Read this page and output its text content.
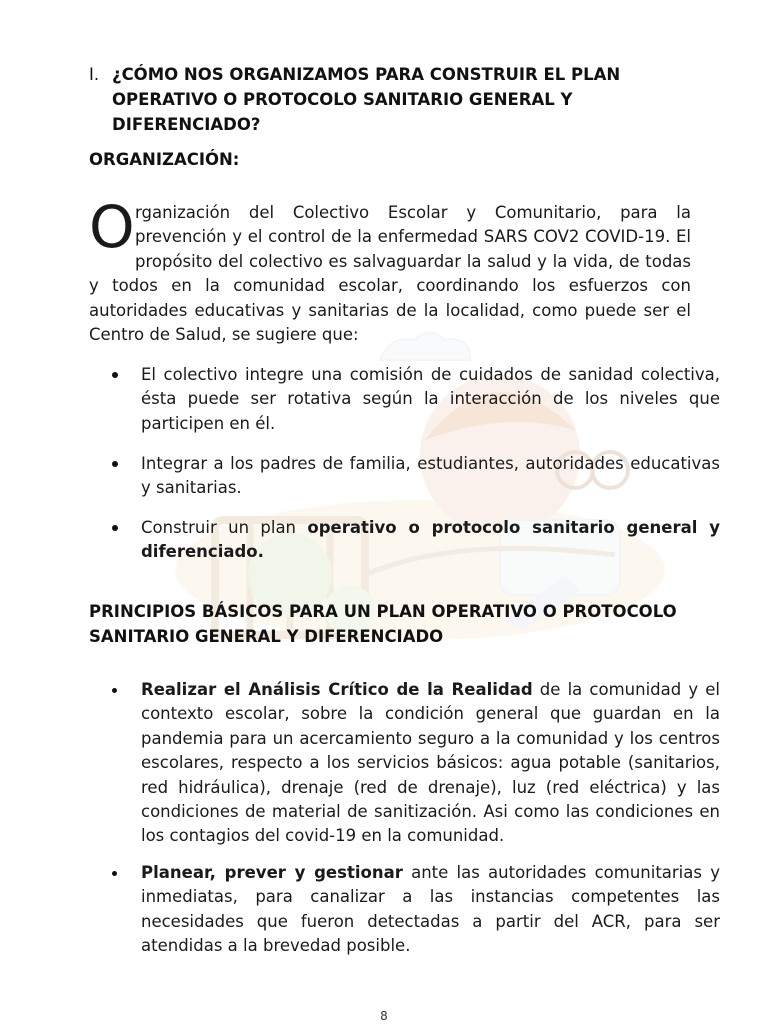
I. ¿CÓMO NOS ORGANIZAMOS PARA CONSTRUIR EL PLAN OPERATIVO O PROTOCOLO SANITARIO GENERAL Y DIFERENCIADO?
ORGANIZACIÓN:
O rganización del Colectivo Escolar y Comunitario, para la prevención y el control de la enfermedad SARS COV2 COVID-19. El propósito del colectivo es salvaguardar la salud y la vida, de todas y todos en la comunidad escolar, coordinando los esfuerzos con autoridades educativas y sanitarias de la localidad, como puede ser el Centro de Salud, se sugiere que:
El colectivo integre una comisión de cuidados de sanidad colectiva, ésta puede ser rotativa según la interacción de los niveles que participen en él.
Integrar a los padres de familia, estudiantes, autoridades educativas y sanitarias.
Construir un plan operativo o protocolo sanitario general y diferenciado.
PRINCIPIOS BÁSICOS PARA UN PLAN OPERATIVO O PROTOCOLO SANITARIO GENERAL Y DIFERENCIADO
Realizar el Análisis Crítico de la Realidad de la comunidad y el contexto escolar, sobre la condición general que guardan en la pandemia para un acercamiento seguro a la comunidad y los centros escolares, respecto a los servicios básicos: agua potable (sanitarios, red hidráulica), drenaje (red de drenaje), luz (red eléctrica) y las condiciones de material de sanitización. Asi como las condiciones en los contagios del covid-19 en la comunidad.
Planear, prever y gestionar ante las autoridades comunitarias y inmediatas, para canalizar a las instancias competentes las necesidades que fueron detectadas a partir del ACR, para ser atendidas a la brevedad posible.
8
